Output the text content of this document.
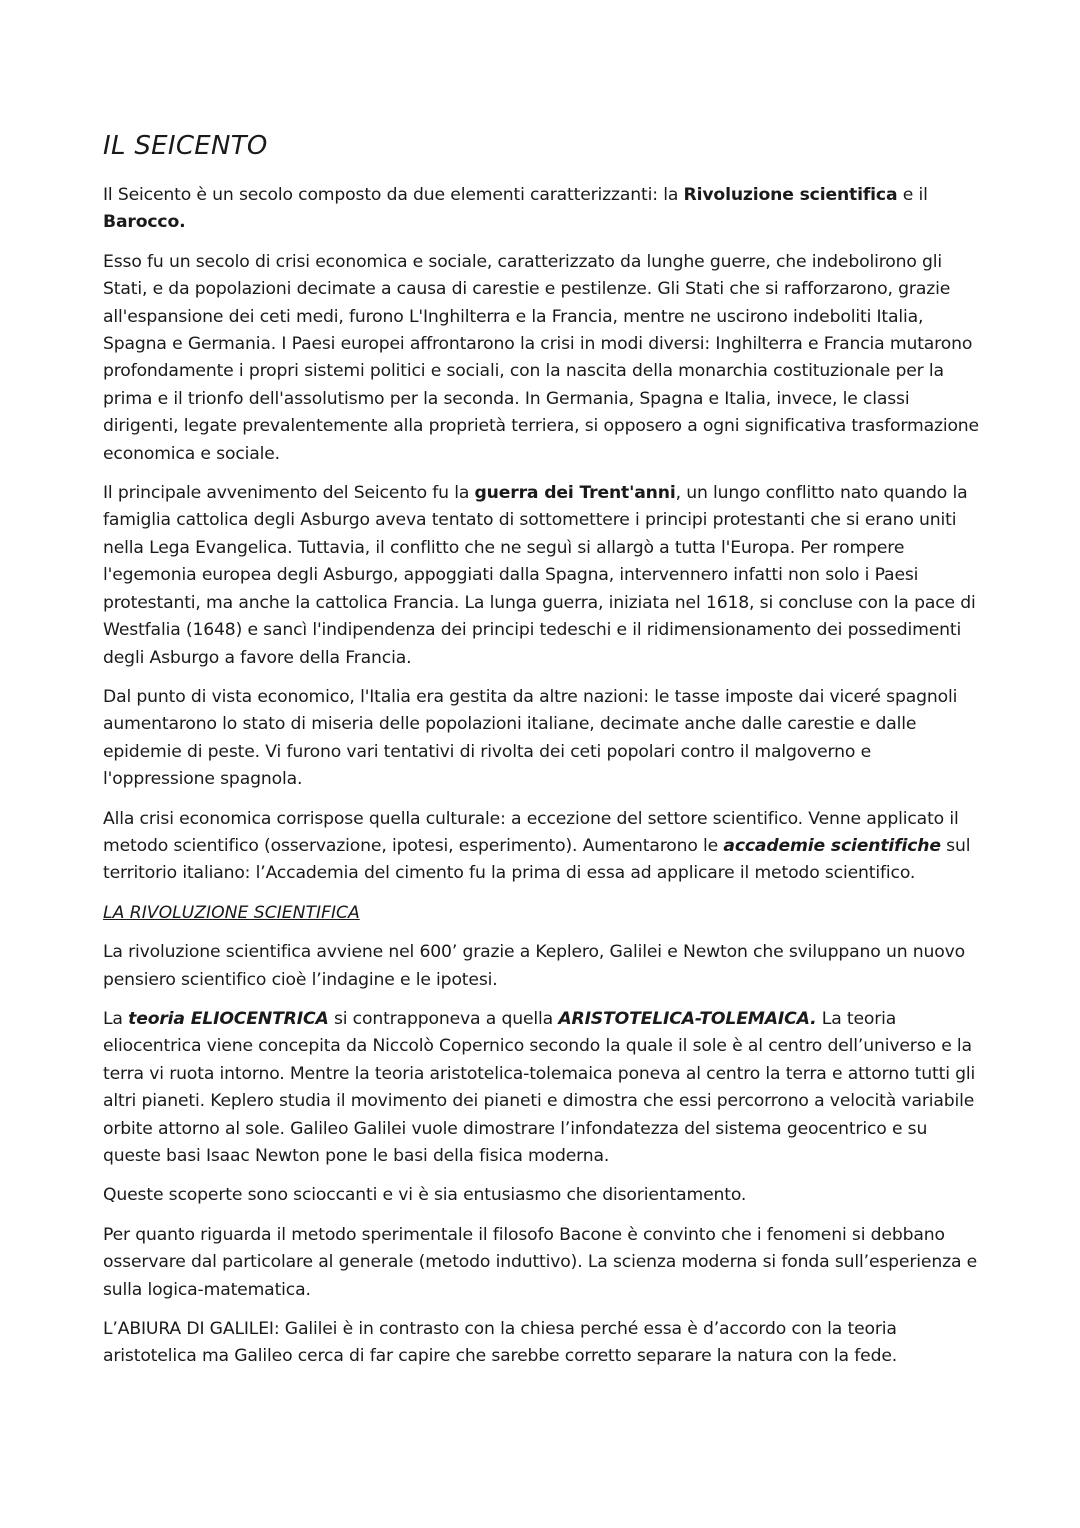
IL SEICENTO

Il Seicento è un secolo composto da due elementi caratterizzanti: la Rivoluzione scientifica e il Barocco.

Esso fu un secolo di crisi economica e sociale, caratterizzato da lunghe guerre, che indebolirono gli Stati, e da popolazioni decimate a causa di carestie e pestilenze. Gli Stati che si rafforzarono, grazie all'espansione dei ceti medi, furono L'Inghilterra e la Francia, mentre ne uscirono indeboliti Italia, Spagna e Germania. I Paesi europei affrontarono la crisi in modi diversi: Inghilterra e Francia mutarono profondamente i propri sistemi politici e sociali, con la nascita della monarchia costituzionale per la prima e il trionfo dell'assolutismo per la seconda. In Germania, Spagna e Italia, invece, le classi dirigenti, legate prevalentemente alla proprietà terriera, si opposero a ogni significativa trasformazione economica e sociale.

Il principale avvenimento del Seicento fu la guerra dei Trent'anni, un lungo conflitto nato quando la famiglia cattolica degli Asburgo aveva tentato di sottomettere i principi protestanti che si erano uniti nella Lega Evangelica. Tuttavia, il conflitto che ne seguì si allargò a tutta l'Europa. Per rompere l'egemonia europea degli Asburgo, appoggiati dalla Spagna, intervennero infatti non solo i Paesi protestanti, ma anche la cattolica Francia. La lunga guerra, iniziata nel 1618, si concluse con la pace di Westfalia (1648) e sancì l'indipendenza dei principi tedeschi e il ridimensionamento dei possedimenti degli Asburgo a favore della Francia.

Dal punto di vista economico, l'Italia era gestita da altre nazioni: le tasse imposte dai viceré spagnoli aumentarono lo stato di miseria delle popolazioni italiane, decimate anche dalle carestie e dalle epidemie di peste. Vi furono vari tentativi di rivolta dei ceti popolari contro il malgoverno e l'oppressione spagnola.

Alla crisi economica corrispose quella culturale: a eccezione del settore scientifico. Venne applicato il metodo scientifico (osservazione, ipotesi, esperimento). Aumentarono le accademie scientifiche sul territorio italiano: l’Accademia del cimento fu la prima di essa ad applicare il metodo scientifico.

LA RIVOLUZIONE SCIENTIFICA

La rivoluzione scientifica avviene nel 600’ grazie a Keplero, Galilei e Newton che sviluppano un nuovo pensiero scientifico cioè l’indagine e le ipotesi.

La teoria ELIOCENTRICA si contrapponeva a quella ARISTOTELICA-TOLEMAICA. La teoria eliocentrica viene concepita da Niccolò Copernico secondo la quale il sole è al centro dell’universo e la terra vi ruota intorno. Mentre la teoria aristotelica-tolemaica poneva al centro la terra e attorno tutti gli altri pianeti. Keplero studia il movimento dei pianeti e dimostra che essi percorrono a velocità variabile orbite attorno al sole. Galileo Galilei vuole dimostrare l’infondatezza del sistema geocentrico e su queste basi Isaac Newton pone le basi della fisica moderna.

Queste scoperte sono scioccanti e vi è sia entusiasmo che disorientamento.

Per quanto riguarda il metodo sperimentale il filosofo Bacone è convinto che i fenomeni si debbano osservare dal particolare al generale (metodo induttivo). La scienza moderna si fonda sull’esperienza e sulla logica-matematica.

L’ABIURA DI GALILEI: Galilei è in contrasto con la chiesa perché essa è d’accordo con la teoria aristotelica ma Galileo cerca di far capire che sarebbe corretto separare la natura con la fede.
